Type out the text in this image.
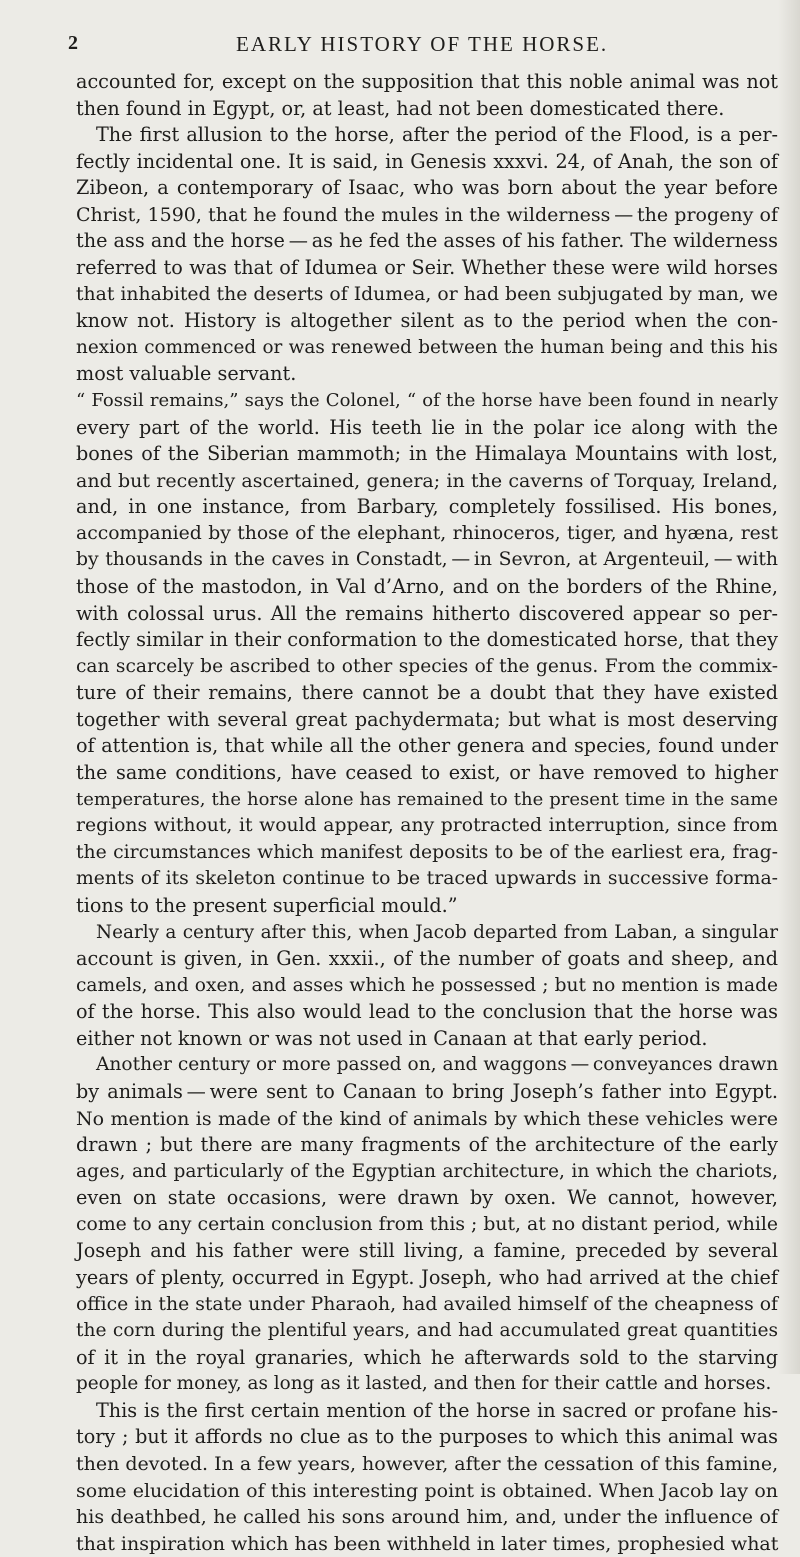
2	EARLY HISTORY OF THE HORSE.
accounted for, except on the supposition that this noble animal was not
then found in Egypt, or, at least, had not been domesticated there.
The first allusion to the horse, after the period of the Flood, is a per-
fectly incidental one. It is said, in Genesis xxxvi. 24, of Anah, the son of
Zibeon, a contemporary of Isaac, who was born about the year before
Christ, 1590, that he found the mules in the wilderness — the progeny of
the ass and the horse — as he fed the asses of his father. The wilderness
referred to was that of Idumea or Seir. Whether these were wild horses
that inhabited the deserts of Idumea, or had been subjugated by man, we
know not. History is altogether silent as to the period when the con-
nexion commenced or was renewed between the human being and this his
most valuable servant.
“ Fossil remains,” says the Colonel, “ of the horse have been found in nearly
every part of the world. His teeth lie in the polar ice along with the
bones of the Siberian mammoth; in the Himalaya Mountains with lost,
and but recently ascertained, genera; in the caverns of Torquay, Ireland,
and, in one instance, from Barbary, completely fossilised. His bones,
accompanied by those of the elephant, rhinoceros, tiger, and hyæna, rest
by thousands in the caves in Constadt, — in Sevron, at Argenteuil, — with
those of the mastodon, in Val d’Arno, and on the borders of the Rhine,
with colossal urus. All the remains hitherto discovered appear so per-
fectly similar in their conformation to the domesticated horse, that they
can scarcely be ascribed to other species of the genus. From the commix-
ture of their remains, there cannot be a doubt that they have existed
together with several great pachydermata; but what is most deserving
of attention is, that while all the other genera and species, found under
the same conditions, have ceased to exist, or have removed to higher
temperatures, the horse alone has remained to the present time in the same
regions without, it would appear, any protracted interruption, since from
the circumstances which manifest deposits to be of the earliest era, frag-
ments of its skeleton continue to be traced upwards in successive forma-
tions to the present superficial mould.”
Nearly a century after this, when Jacob departed from Laban, a singular
account is given, in Gen. xxxii., of the number of goats and sheep, and
camels, and oxen, and asses which he possessed ; but no mention is made
of the horse. This also would lead to the conclusion that the horse was
either not known or was not used in Canaan at that early period.
Another century or more passed on, and waggons — conveyances drawn
by animals — were sent to Canaan to bring Joseph’s father into Egypt.
No mention is made of the kind of animals by which these vehicles were
drawn ; but there are many fragments of the architecture of the early
ages, and particularly of the Egyptian architecture, in which the chariots,
even on state occasions, were drawn by oxen. We cannot, however,
come to any certain conclusion from this ; but, at no distant period, while
Joseph and his father were still living, a famine, preceded by several
years of plenty, occurred in Egypt. Joseph, who had arrived at the chief
office in the state under Pharaoh, had availed himself of the cheapness of
the corn during the plentiful years, and had accumulated great quantities
of it in the royal granaries, which he afterwards sold to the starving
people for money, as long as it lasted, and then for their cattle and horses.
This is the first certain mention of the horse in sacred or profane his-
tory ; but it affords no clue as to the purposes to which this animal was
then devoted. In a few years, however, after the cessation of this famine,
some elucidation of this interesting point is obtained. When Jacob lay on
his deathbed, he called his sons around him, and, under the influence of
that inspiration which has been withheld in later times, prophesied what
